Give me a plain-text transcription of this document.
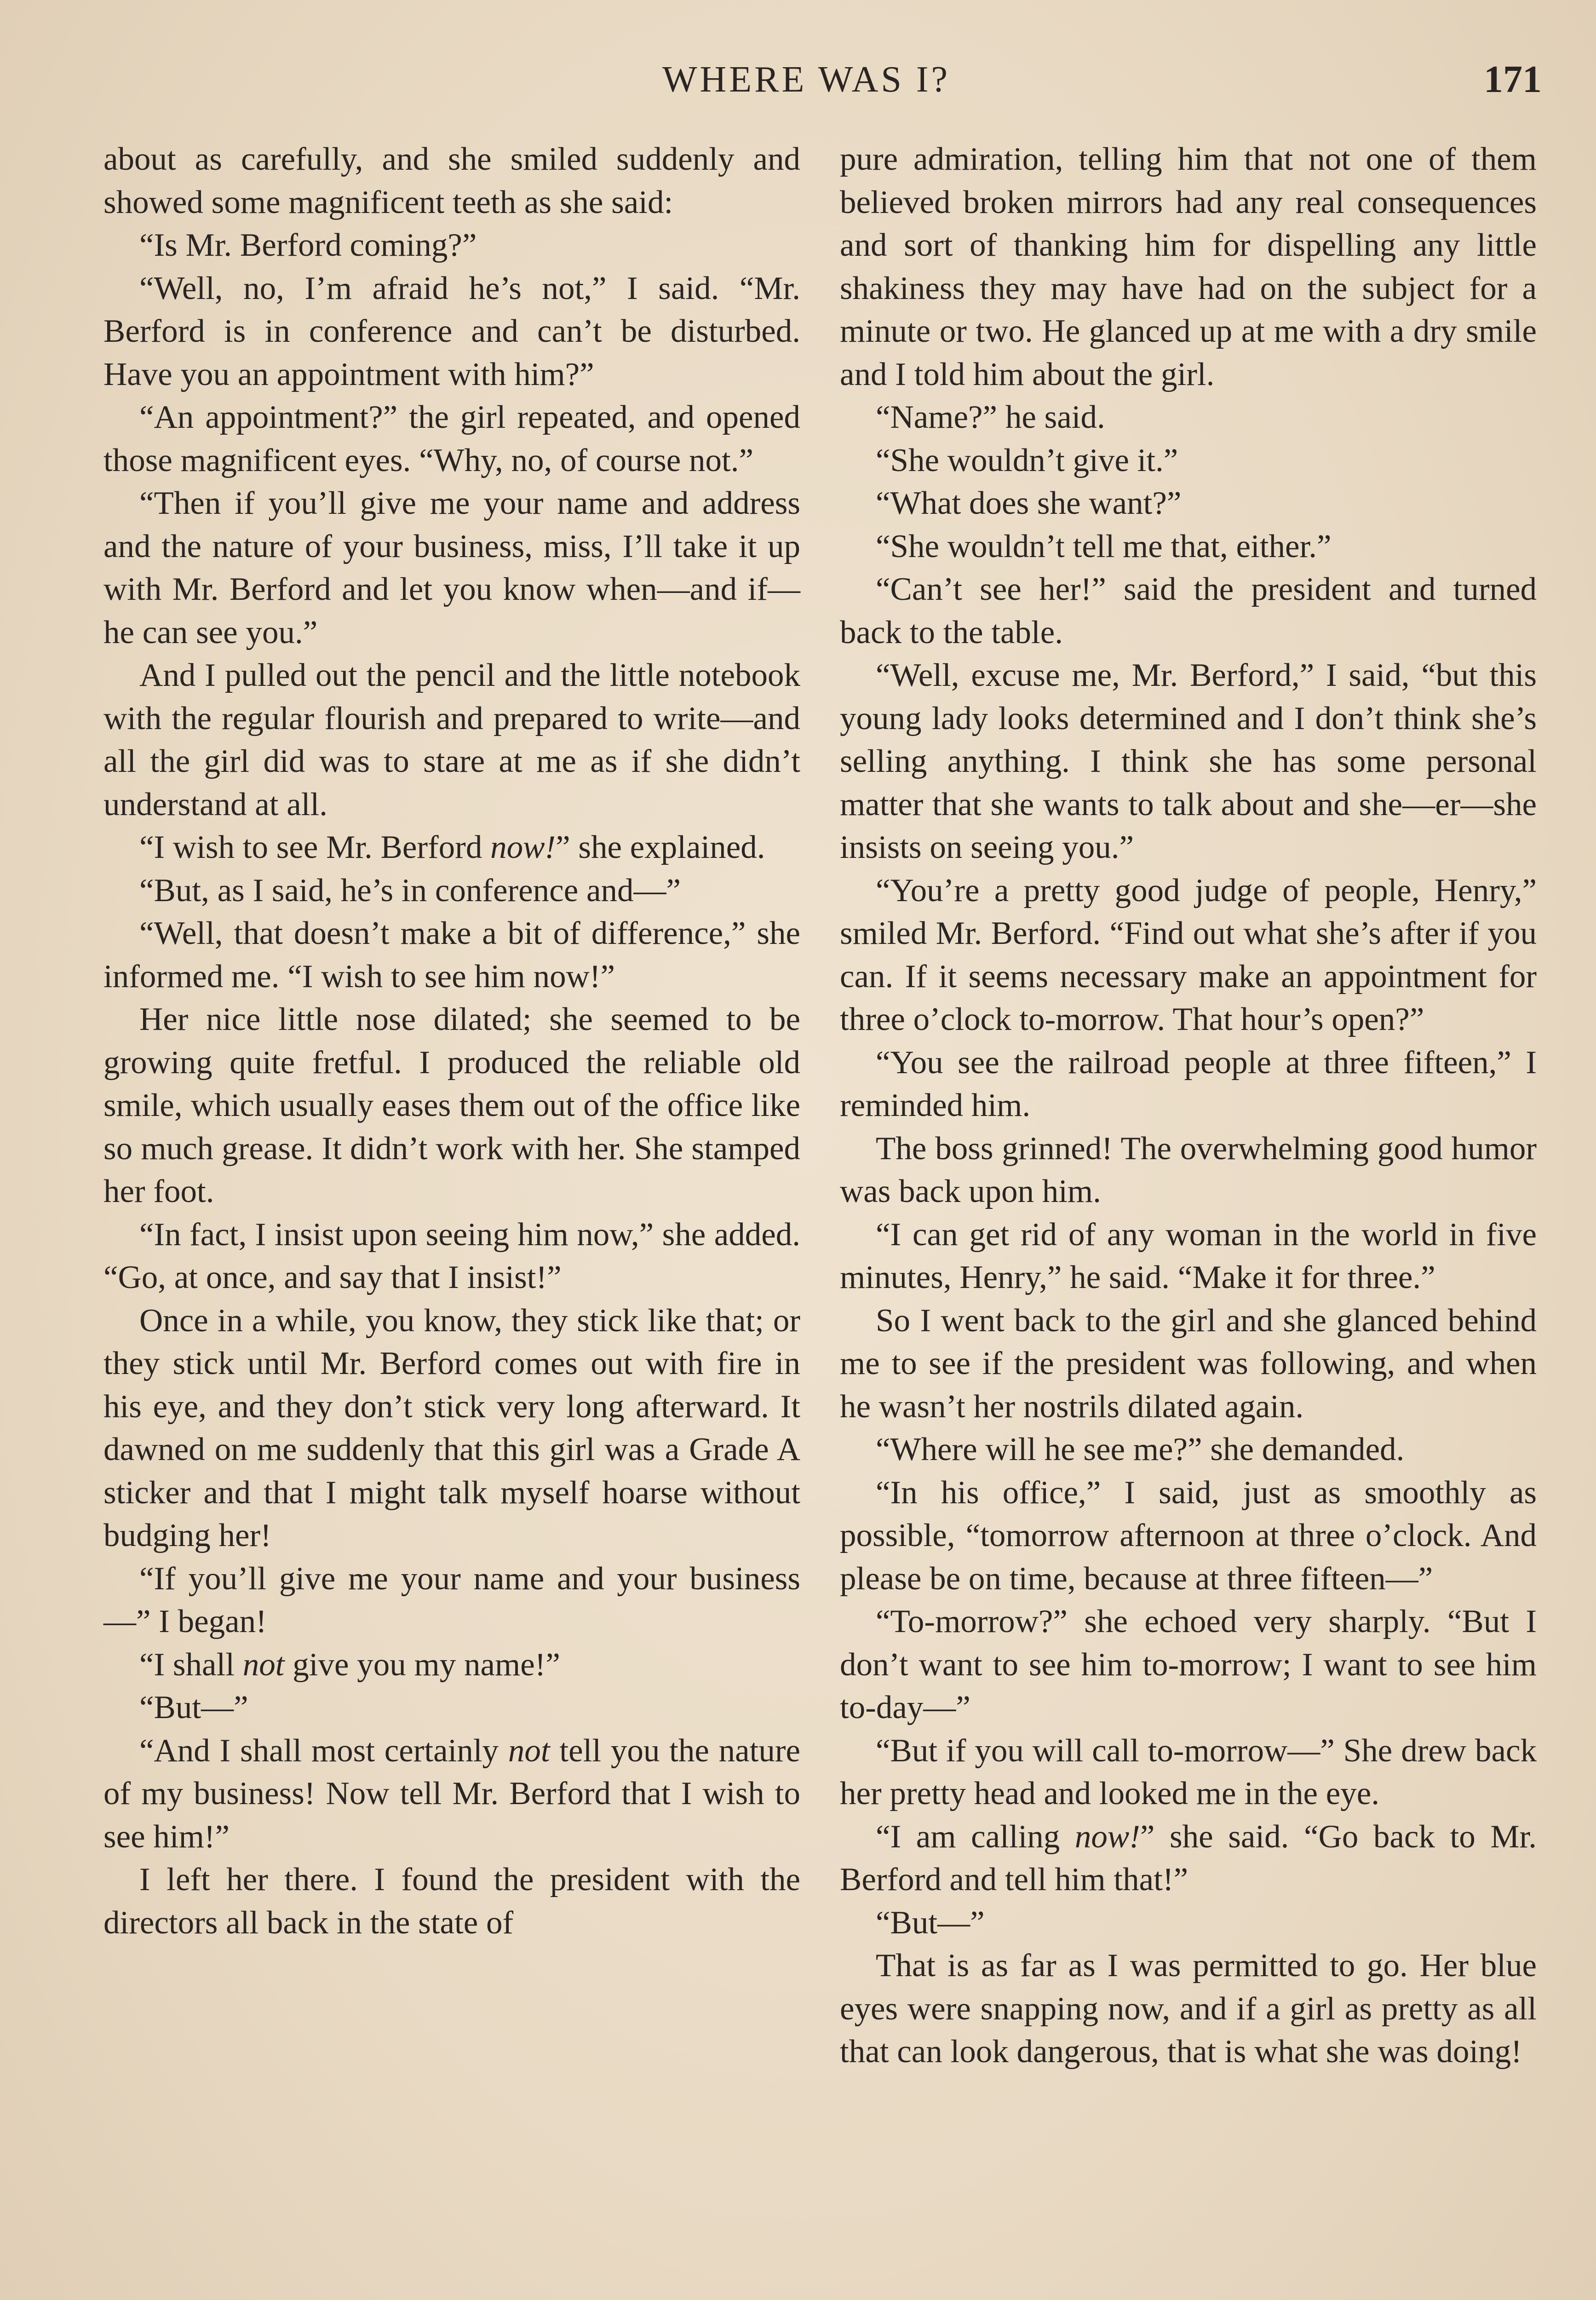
WHERE WAS I?	171

about as carefully, and she smiled suddenly and showed some magnificent teeth as she said:

“Is Mr. Berford coming?”

“Well, no, I’m afraid he’s not,” I said. “Mr. Berford is in conference and can’t be disturbed. Have you an appointment with him?”

“An appointment?” the girl repeated, and opened those magnificent eyes. “Why, no, of course not.”

“Then if you’ll give me your name and address and the nature of your business, miss, I’ll take it up with Mr. Berford and let you know when—and if—he can see you.”

And I pulled out the pencil and the little notebook with the regular flourish and prepared to write—and all the girl did was to stare at me as if she didn’t understand at all.

“I wish to see Mr. Berford now!” she explained.

“But, as I said, he’s in conference and—”

“Well, that doesn’t make a bit of difference,” she informed me. “I wish to see him now!”

Her nice little nose dilated; she seemed to be growing quite fretful. I produced the reliable old smile, which usually eases them out of the office like so much grease. It didn’t work with her. She stamped her foot.

“In fact, I insist upon seeing him now,” she added. “Go, at once, and say that I insist!”

Once in a while, you know, they stick like that; or they stick until Mr. Berford comes out with fire in his eye, and they don’t stick very long afterward. It dawned on me suddenly that this girl was a Grade A sticker and that I might talk myself hoarse without budging her!

“If you’ll give me your name and your business—” I began!

“I shall not give you my name!”

“But—”

“And I shall most certainly not tell you the nature of my business! Now tell Mr. Berford that I wish to see him!”

I left her there. I found the president with the directors all back in the state of

pure admiration, telling him that not one of them believed broken mirrors had any real consequences and sort of thanking him for dispelling any little shakiness they may have had on the subject for a minute or two. He glanced up at me with a dry smile and I told him about the girl.

“Name?” he said.

“She wouldn’t give it.”

“What does she want?”

“She wouldn’t tell me that, either.”

“Can’t see her!” said the president and turned back to the table.

“Well, excuse me, Mr. Berford,” I said, “but this young lady looks determined and I don’t think she’s selling anything. I think she has some personal matter that she wants to talk about and she—er—she insists on seeing you.”

“You’re a pretty good judge of people, Henry,” smiled Mr. Berford. “Find out what she’s after if you can. If it seems necessary make an appointment for three o’clock to-morrow. That hour’s open?”

“You see the railroad people at three fifteen,” I reminded him.

The boss grinned! The overwhelming good humor was back upon him.

“I can get rid of any woman in the world in five minutes, Henry,” he said. “Make it for three.”

So I went back to the girl and she glanced behind me to see if the president was following, and when he wasn’t her nostrils dilated again.

“Where will he see me?” she demanded.

“In his office,” I said, just as smoothly as possible, “tomorrow afternoon at three o’clock. And please be on time, because at three fifteen—”

“To-morrow?” she echoed very sharply. “But I don’t want to see him to-morrow; I want to see him to-day—”

“But if you will call to-morrow—” She drew back her pretty head and looked me in the eye.

“I am calling now!” she said. “Go back to Mr. Berford and tell him that!”

“But—”

That is as far as I was permitted to go. Her blue eyes were snapping now, and if a girl as pretty as all that can look dangerous, that is what she was doing!
